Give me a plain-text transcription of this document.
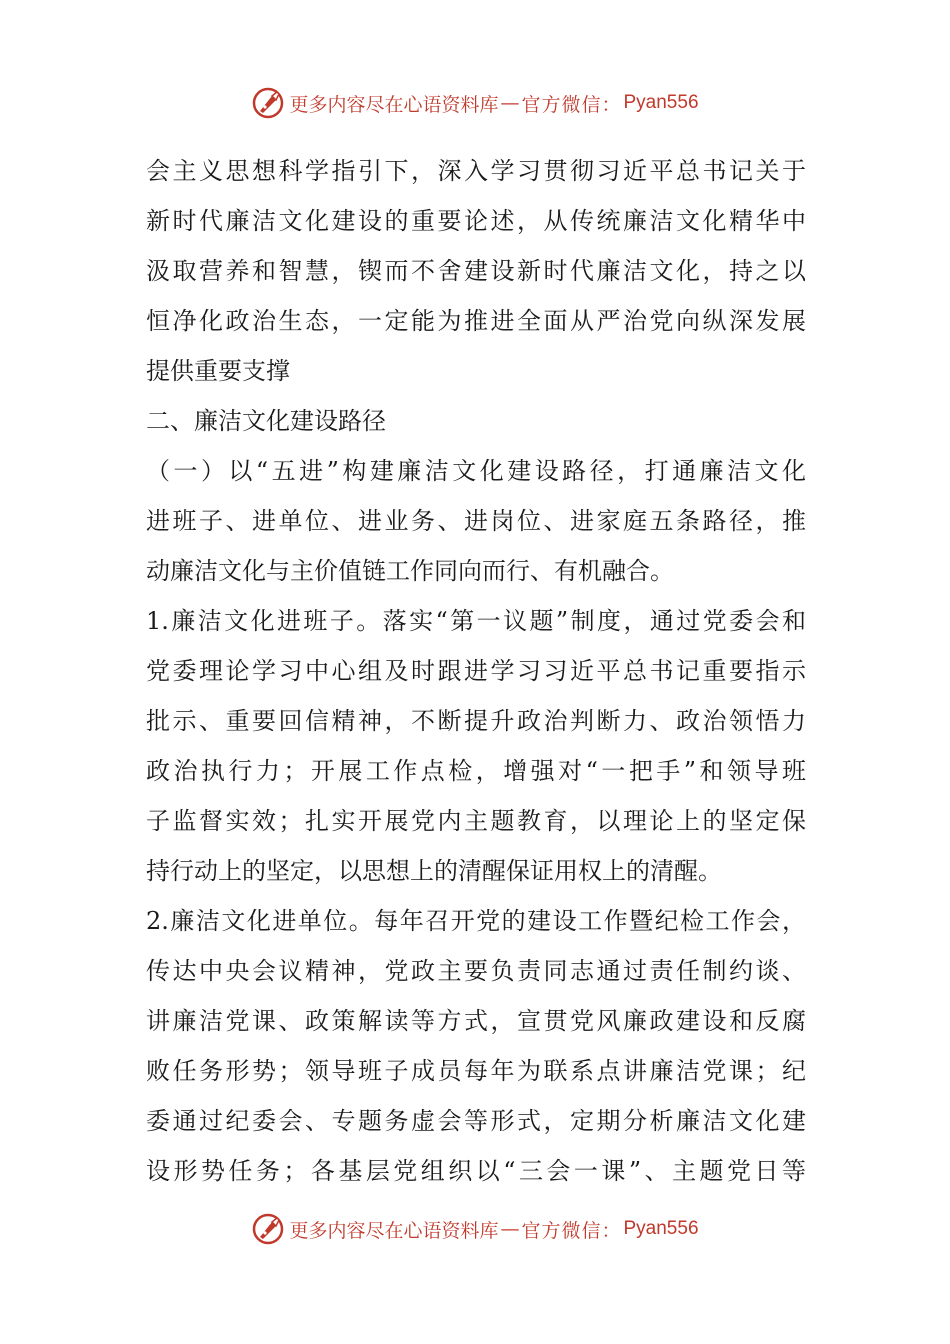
更多内容尽在心语资料库 — 官方微信： Pyan556
会主义思想科学指引下，深入学习贯彻习近平总书记关于
新时代廉洁文化建设的重要论述，从传统廉洁文化精华中
汲取营养和智慧，锲而不舍建设新时代廉洁文化，持之以
恒净化政治生态，一定能为推进全面从严治党向纵深发展
提供重要支撑
二、廉洁文化建设路径
（一）以“五进”构建廉洁文化建设路径，打通廉洁文化
进班子、进单位、进业务、进岗位、进家庭五条路径，推
动廉洁文化与主价值链工作同向而行、有机融合。
1.廉洁文化进班子。落实“第一议题”制度，通过党委会和
党委理论学习中心组及时跟进学习习近平总书记重要指示
批示、重要回信精神，不断提升政治判断力、政治领悟力
政治执行力；开展工作点检，增强对“一把手”和领导班
子监督实效；扎实开展党内主题教育，以理论上的坚定保
持行动上的坚定，以思想上的清醒保证用权上的清醒。
2.廉洁文化进单位。每年召开党的建设工作暨纪检工作会，
传达中央会议精神，党政主要负责同志通过责任制约谈、
讲廉洁党课、政策解读等方式，宣贯党风廉政建设和反腐
败任务形势；领导班子成员每年为联系点讲廉洁党课；纪
委通过纪委会、专题务虚会等形式，定期分析廉洁文化建
设形势任务；各基层党组织以“三会一课”、主题党日等
更多内容尽在心语资料库 — 官方微信： Pyan556
